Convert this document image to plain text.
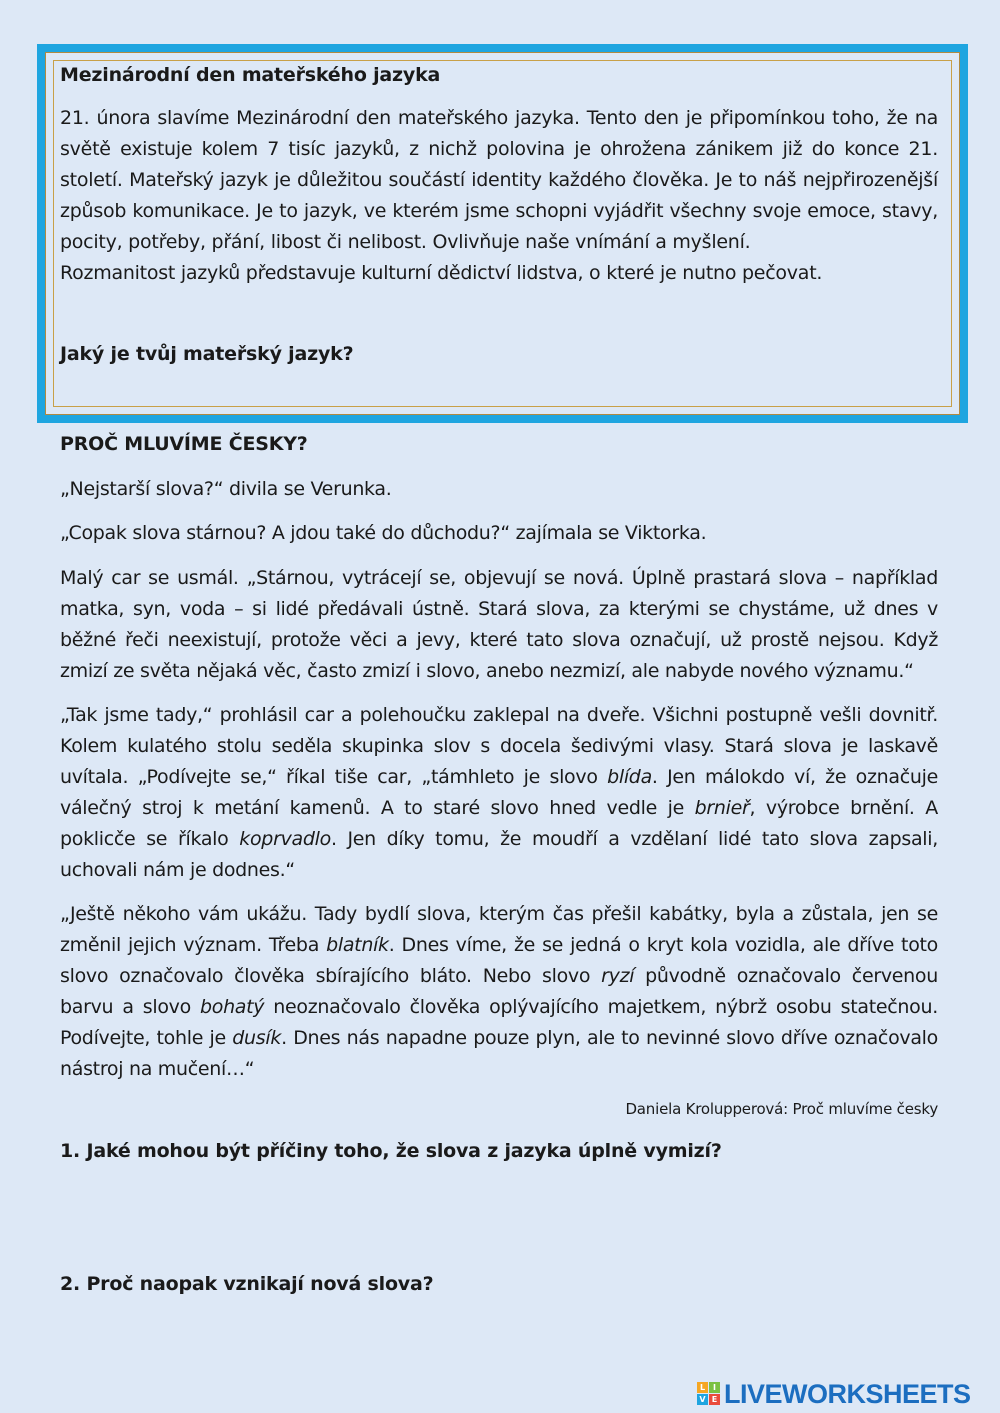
Mezinárodní den mateřského jazyka

21. února slavíme Mezinárodní den mateřského jazyka. Tento den je připomínkou toho, že na světě existuje kolem 7 tisíc jazyků, z nichž polovina je ohrožena zánikem již do konce 21. století. Mateřský jazyk je důležitou součástí identity každého člověka. Je to náš nejpřirozenější způsob komunikace. Je to jazyk, ve kterém jsme schopni vyjádřit všechny svoje emoce, stavy, pocity, potřeby, přání, libost či nelibost. Ovlivňuje naše vnímání a myšlení.

Rozmanitost jazyků představuje kulturní dědictví lidstva, o které je nutno pečovat.

Jaký je tvůj mateřský jazyk?
PROČ MLUVÍME ČESKY?

„Nejstarší slova?“ divila se Verunka.

„Copak slova stárnou? A jdou také do důchodu?“ zajímala se Viktorka.

Malý car se usmál. „Stárnou, vytrácejí se, objevují se nová. Úplně prastará slova – například matka, syn, voda – si lidé předávali ústně. Stará slova, za kterými se chystáme, už dnes v běžné řeči neexistují, protože věci a jevy, které tato slova označují, už prostě nejsou. Když zmizí ze světa nějaká věc, často zmizí i slovo, anebo nezmizí, ale nabyde nového významu.“

„Tak jsme tady,“ prohlásil car a polehoučku zaklepal na dveře. Všichni postupně vešli dovnitř. Kolem kulatého stolu seděla skupinka slov s docela šedivými vlasy. Stará slova je laskavě uvítala. „Podívejte se,“ říkal tiše car, „támhleto je slovo blída. Jen málokdo ví, že označuje válečný stroj k metání kamenů. A to staré slovo hned vedle je brnieř, výrobce brnění. A poklicče se říkalo koprvadlo. Jen díky tomu, že moudří a vzdělaní lidé tato slova zapsali, uchovali nám je dodnes.“

„Ještě někoho vám ukážu. Tady bydlí slova, kterým čas přešil kabátky, byla a zůstala, jen se změnil jejich význam. Třeba blatník. Dnes víme, že se jedná o kryt kola vozidla, ale dříve toto slovo označovalo člověka sbírajícího bláto. Nebo slovo ryzí původně označovalo červenou barvu a slovo bohatý neoznačovalo člověka oplývajícího majetkem, nýbrž osobu statečnou. Podívejte, tohle je dusík. Dnes nás napadne pouze plyn, ale to nevinné slovo dříve označovalo nástroj na mučení…“

Daniela Krolupperová: Proč mluvíme česky
1. Jaké mohou být příčiny toho, že slova z jazyka úplně vymizí?
2. Proč naopak vznikají nová slova?
L I
V E LIVEWORKSHEETS
